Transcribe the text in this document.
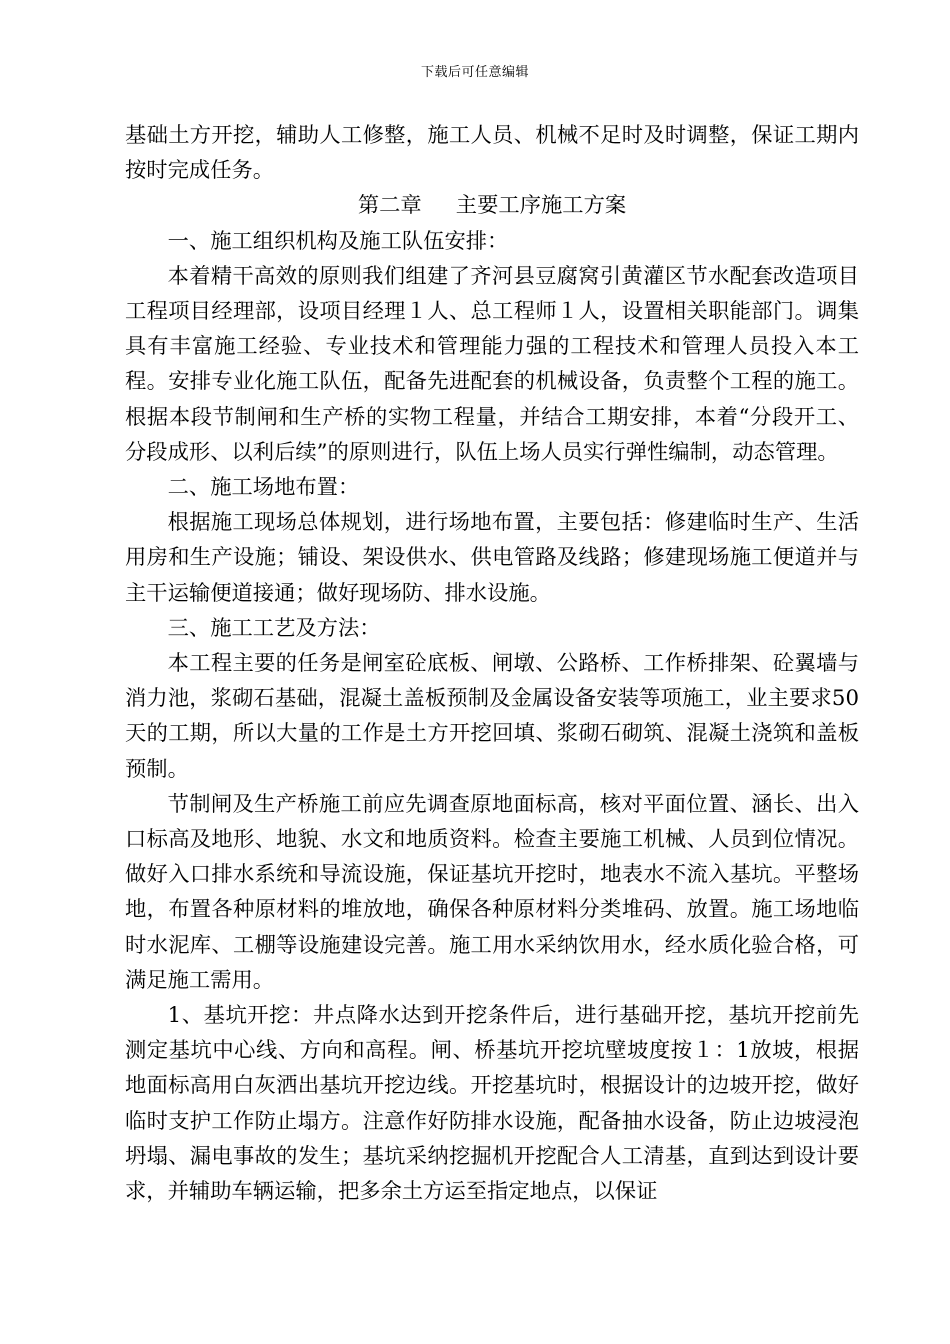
下载后可任意编辑

基础土方开挖，辅助人工修整，施工人员、机械不足时及时调整，保证工期内按时完成任务。

第二章 主要工序施工方案

一、施工组织机构及施工队伍安排：

本着精干高效的原则我们组建了齐河县豆腐窝引黄灌区节水配套改造项目工程项目经理部，设项目经理１人、总工程师１人，设置相关职能部门。调集具有丰富施工经验、专业技术和管理能力强的工程技术和管理人员投入本工程。安排专业化施工队伍，配备先进配套的机械设备，负责整个工程的施工。根据本段节制闸和生产桥的实物工程量，并结合工期安排，本着“分段开工、分段成形、以利后续”的原则进行，队伍上场人员实行弹性编制，动态管理。

二、施工场地布置：

根据施工现场总体规划，进行场地布置，主要包括：修建临时生产、生活用房和生产设施；铺设、架设供水、供电管路及线路；修建现场施工便道并与主干运输便道接通；做好现场防、排水设施。

三、施工工艺及方法：

本工程主要的任务是闸室砼底板、闸墩、公路桥、工作桥排架、砼翼墙与消力池，浆砌石基础，混凝土盖板预制及金属设备安装等项施工，业主要求50天的工期，所以大量的工作是土方开挖回填、浆砌石砌筑、混凝土浇筑和盖板预制。

节制闸及生产桥施工前应先调查原地面标高，核对平面位置、涵长、出入口标高及地形、地貌、水文和地质资料。检查主要施工机械、人员到位情况。做好入口排水系统和导流设施，保证基坑开挖时，地表水不流入基坑。平整场地，布置各种原材料的堆放地，确保各种原材料分类堆码、放置。施工场地临时水泥库、工棚等设施建设完善。施工用水采纳饮用水，经水质化验合格，可满足施工需用。

1、基坑开挖：井点降水达到开挖条件后，进行基础开挖，基坑开挖前先测定基坑中心线、方向和高程。闸、桥基坑开挖坑壁坡度按１：1放坡，根据地面标高用白灰洒出基坑开挖边线。开挖基坑时，根据设计的边坡开挖，做好临时支护工作防止塌方。注意作好防排水设施，配备抽水设备，防止边坡浸泡坍塌、漏电事故的发生；基坑采纳挖掘机开挖配合人工清基，直到达到设计要求，并辅助车辆运输，把多余土方运至指定地点，以保证
